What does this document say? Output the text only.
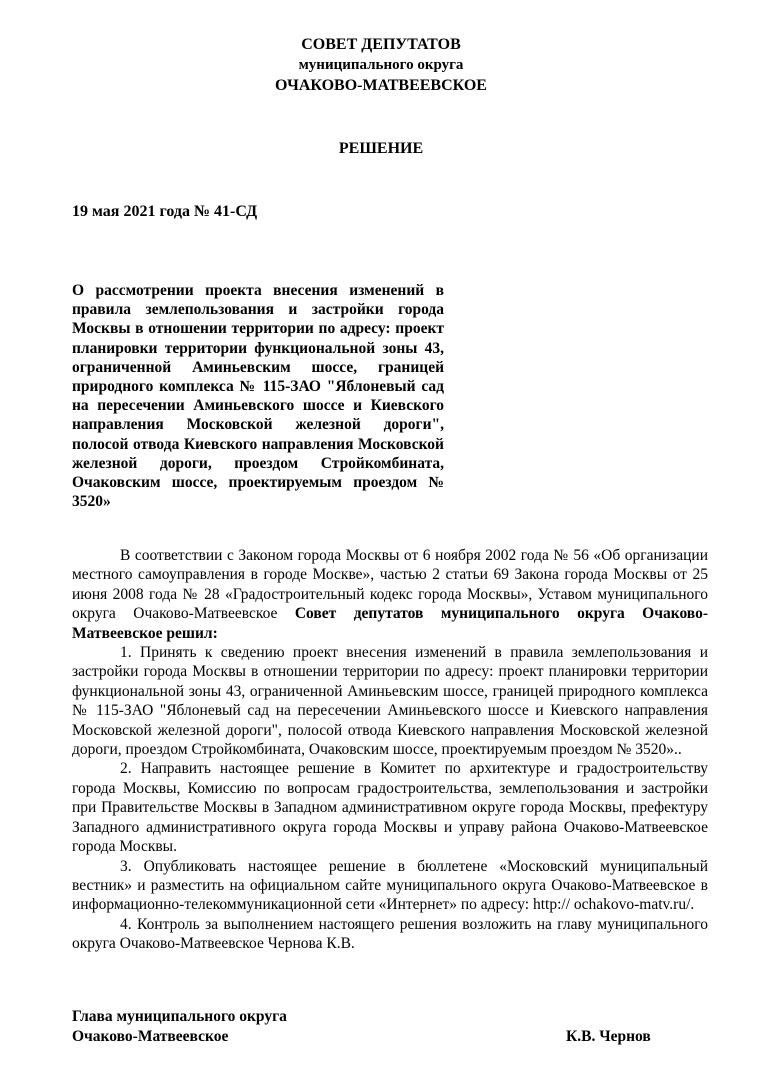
СОВЕТ ДЕПУТАТОВ
муниципального округа
ОЧАКОВО-МАТВЕЕВСКОЕ
РЕШЕНИЕ
19 мая 2021 года № 41-СД
О рассмотрении проекта внесения изменений в правила землепользования и застройки города Москвы в отношении территории по адресу: проект планировки территории функциональной зоны 43, ограниченной Аминьевским шоссе, границей природного комплекса № 115-ЗАО "Яблоневый сад на пересечении Аминьевского шоссе и Киевского направления Московской железной дороги", полосой отвода Киевского направления Московской железной дороги, проездом Стройкомбината, Очаковским шоссе, проектируемым проездом № 3520»

В соответствии с Законом города Москвы от 6 ноября 2002 года № 56 «Об организации местного самоуправления в городе Москве», частью 2 статьи 69 Закона города Москвы от 25 июня 2008 года № 28 «Градостроительный кодекс города Москвы», Уставом муниципального округа Очаково-Матвеевское Совет депутатов муниципального округа Очаково-Матвеевское решил:

1. Принять к сведению проект внесения изменений в правила землепользования и застройки города Москвы в отношении территории по адресу: проект планировки территории функциональной зоны 43, ограниченной Аминьевским шоссе, границей природного комплекса № 115-ЗАО "Яблоневый сад на пересечении Аминьевского шоссе и Киевского направления Московской железной дороги", полосой отвода Киевского направления Московской железной дороги, проездом Стройкомбината, Очаковским шоссе, проектируемым проездом № 3520»..

2. Направить настоящее решение в Комитет по архитектуре и градостроительству города Москвы, Комиссию по вопросам градостроительства, землепользования и застройки при Правительстве Москвы в Западном административном округе города Москвы, префектуру Западного административного округа города Москвы и управу района Очаково-Матвеевское города Москвы.

3. Опубликовать настоящее решение в бюллетене «Московский муниципальный вестник» и разместить на официальном сайте муниципального округа Очаково-Матвеевское в информационно-телекоммуникационной сети «Интернет» по адресу: http:// ochakovo-matv.ru/.

4. Контроль за выполнением настоящего решения возложить на главу муниципального округа Очаково-Матвеевское Чернова К.В.

Глава муниципального округа
Очаково-Матвеевское	К.В. Чернов
